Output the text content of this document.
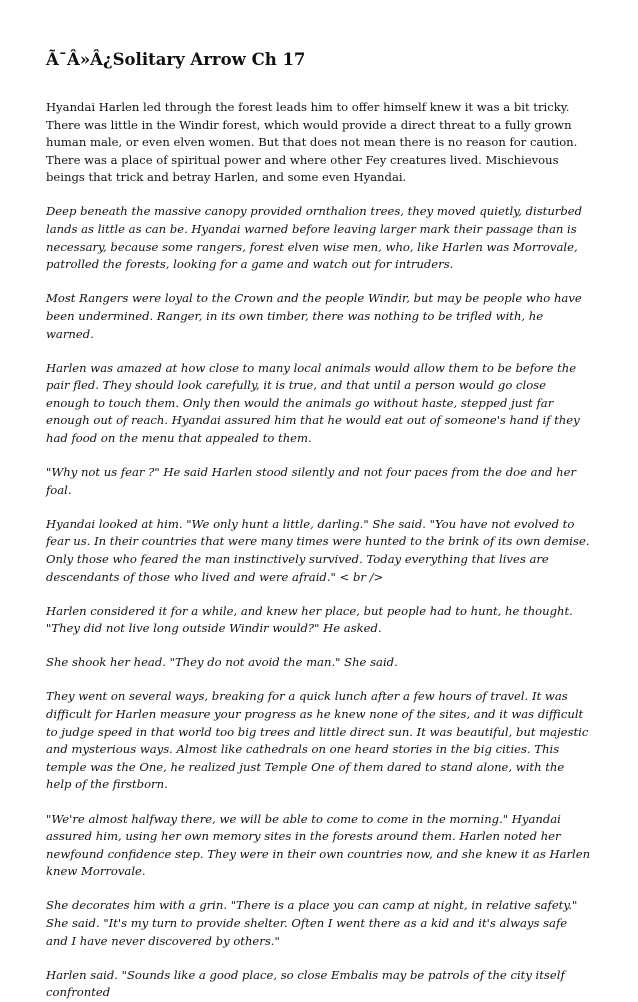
Ã¯Â»Â¿Solitary Arrow Ch 17

Hyandai Harlen led through the forest leads him to offer himself knew it was a bit tricky. There was little in the Windir forest, which would provide a direct threat to a fully grown human male, or even elven women. But that does not mean there is no reason for caution. There was a place of spiritual power and where other Fey creatures lived. Mischievous beings that trick and betray Harlen, and some even Hyandai.

Deep beneath the massive canopy provided ornthalion trees, they moved quietly, disturbed lands as little as can be. Hyandai warned before leaving larger mark their passage than is necessary, because some rangers, forest elven wise men, who, like Harlen was Morrovale, patrolled the forests, looking for a game and watch out for intruders.

Most Rangers were loyal to the Crown and the people Windir, but may be people who have been undermined. Ranger, in its own timber, there was nothing to be trifled with, he warned.

Harlen was amazed at how close to many local animals would allow them to be before the pair fled. They should look carefully, it is true, and that until a person would go close enough to touch them. Only then would the animals go without haste, stepped just far enough out of reach. Hyandai assured him that he would eat out of someone's hand if they had food on the menu that appealed to them.

"Why not us fear ?" He said Harlen stood silently and not four paces from the doe and her foal.

Hyandai looked at him. "We only hunt a little, darling." She said. "You have not evolved to fear us. In their countries that were many times were hunted to the brink of its own demise. Only those who feared the man instinctively survived. Today everything that lives are descendants of those who lived and were afraid." < br />

Harlen considered it for a while, and knew her place, but people had to hunt, he thought. "They did not live long outside Windir would?" He asked.

She shook her head. "They do not avoid the man." She said.

They went on several ways, breaking for a quick lunch after a few hours of travel. It was difficult for Harlen measure your progress as he knew none of the sites, and it was difficult to judge speed in that world too big trees and little direct sun. It was beautiful, but majestic and mysterious ways. Almost like cathedrals on one heard stories in the big cities. This temple was the One, he realized just Temple One of them dared to stand alone, with the help of the firstborn.

"We're almost halfway there, we will be able to come to come in the morning." Hyandai assured him, using her own memory sites in the forests around them. Harlen noted her newfound confidence step. They were in their own countries now, and she knew it as Harlen knew Morrovale.

She decorates him with a grin. "There is a place you can camp at night, in relative safety." She said. "It's my turn to provide shelter. Often I went there as a kid and it's always safe and I have never discovered by others."

Harlen said. "Sounds like a good place, so close Embalis may be patrols of the city itself confronted
